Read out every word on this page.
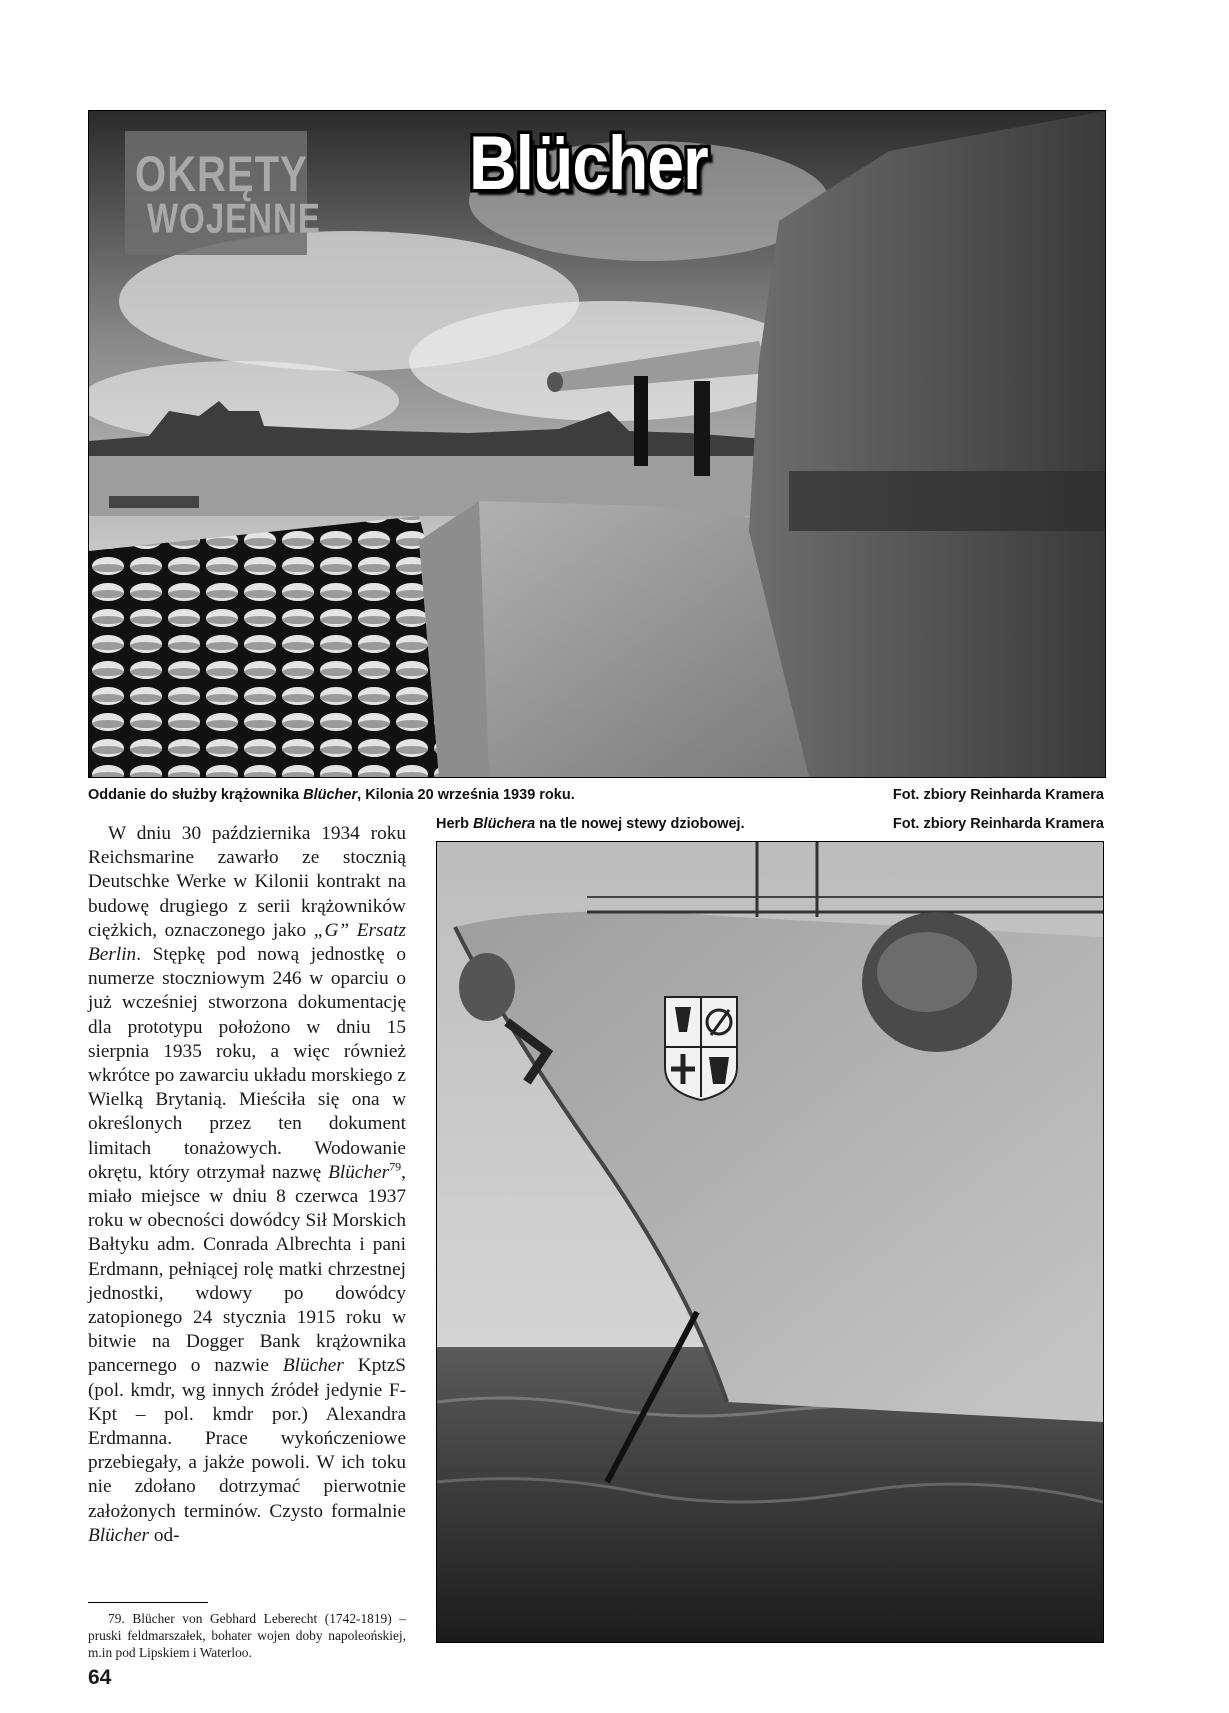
OKRĘTY
WOJENNE
Blücher
Oddanie do służby krążownika Blücher, Kilonia 20 września 1939 roku.	Fot. zbiory Reinharda Kramera
Herb Blüchera na tle nowej stewy dziobowej.	Fot. zbiory Reinharda Kramera

W dniu 30 października 1934 roku Reichsmarine zawarło ze stocznią Deutschke Werke w Kilonii kontrakt na budowę drugiego z serii krążowników ciężkich, oznaczonego jako „G” Ersatz Berlin. Stępkę pod nową jednostkę o numerze stoczniowym 246 w oparciu o już wcześniej stworzona dokumentację dla prototypu położono w dniu 15 sierpnia 1935 roku, a więc również wkrótce po zawarciu układu morskiego z Wielką Brytanią. Mieściła się ona w określonych przez ten dokument limitach tonażowych. Wodowanie okrętu, który otrzymał nazwę Blücher$^{79}$, miało miejsce w dniu 8 czerwca 1937 roku w obecności dowódcy Sił Morskich Bałtyku adm. Conrada Albrechta i pani Erdmann, pełniącej rolę matki chrzestnej jednostki, wdowy po dowódcy zatopionego 24 stycznia 1915 roku w bitwie na Dogger Bank krążownika pancernego o nazwie Blücher KptzS (pol. kmdr, wg innych źródeł jedynie F-Kpt – pol. kmdr por.) Alexandra Erdmanna. Prace wykończeniowe przebiegały, a jakże powoli. W ich toku nie zdołano dotrzymać pierwotnie założonych terminów. Czysto formalnie Blücher od-

79. Blücher von Gebhard Leberecht (1742-1819) – pruski feldmarszałek, bohater wojen doby napoleońskiej, m.in pod Lipskiem i Waterloo.

64
